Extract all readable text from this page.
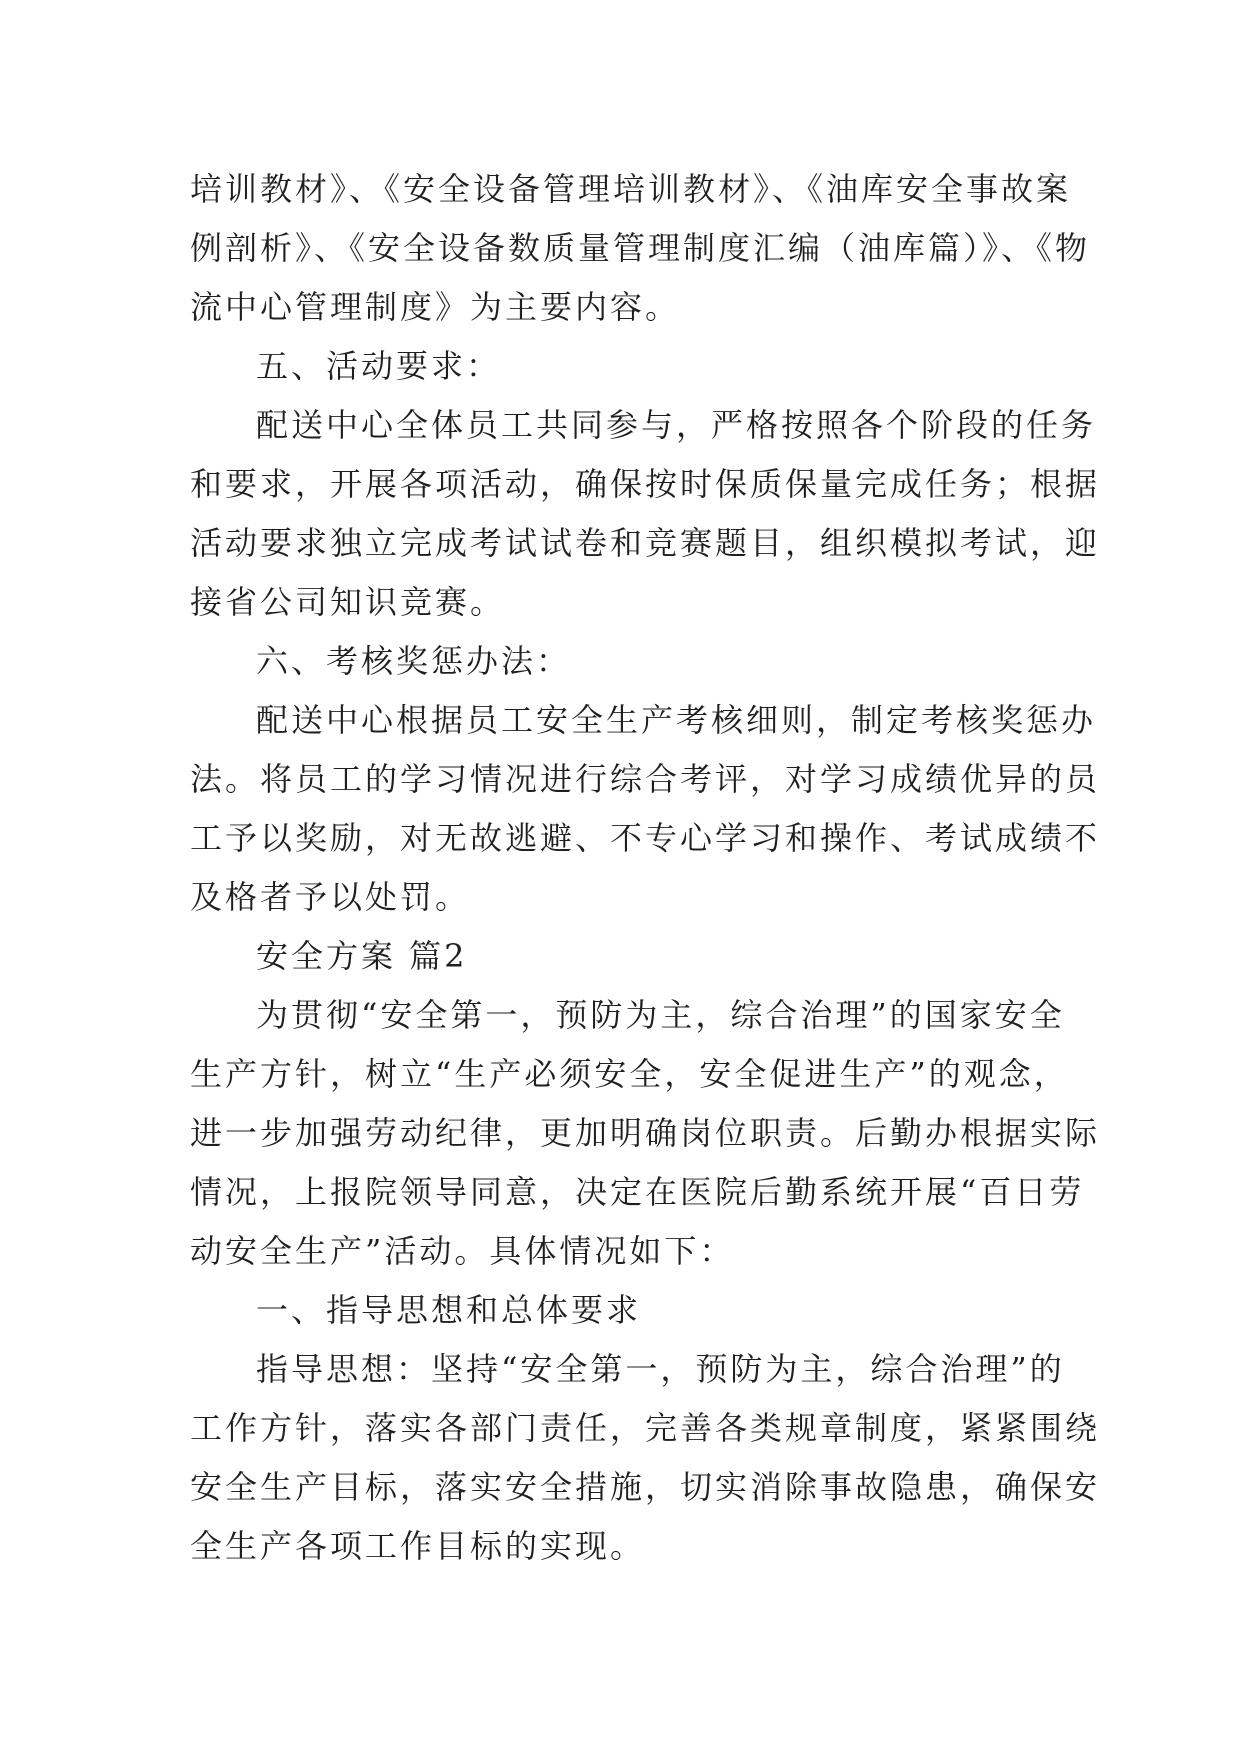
培训教材》、《安全设备管理培训教材》、《油库安全事故案
例剖析》、《安全设备数质量管理制度汇编（油库篇）》、《物
流中心管理制度》为主要内容。
五、活动要求：
配送中心全体员工共同参与，严格按照各个阶段的任务
和要求，开展各项活动，确保按时保质保量完成任务；根据
活动要求独立完成考试试卷和竞赛题目，组织模拟考试，迎
接省公司知识竞赛。
六、考核奖惩办法：
配送中心根据员工安全生产考核细则，制定考核奖惩办
法。将员工的学习情况进行综合考评，对学习成绩优异的员
工予以奖励，对无故逃避、不专心学习和操作、考试成绩不
及格者予以处罚。
安全方案 篇2
为贯彻“安全第一，预防为主，综合治理”的国家安全
生产方针，树立“生产必须安全，安全促进生产”的观念，
进一步加强劳动纪律，更加明确岗位职责。后勤办根据实际
情况，上报院领导同意，决定在医院后勤系统开展“百日劳
动安全生产”活动。具体情况如下：
一、指导思想和总体要求
指导思想：坚持“安全第一，预防为主，综合治理”的
工作方针，落实各部门责任，完善各类规章制度，紧紧围绕
安全生产目标，落实安全措施，切实消除事故隐患，确保安
全生产各项工作目标的实现。
